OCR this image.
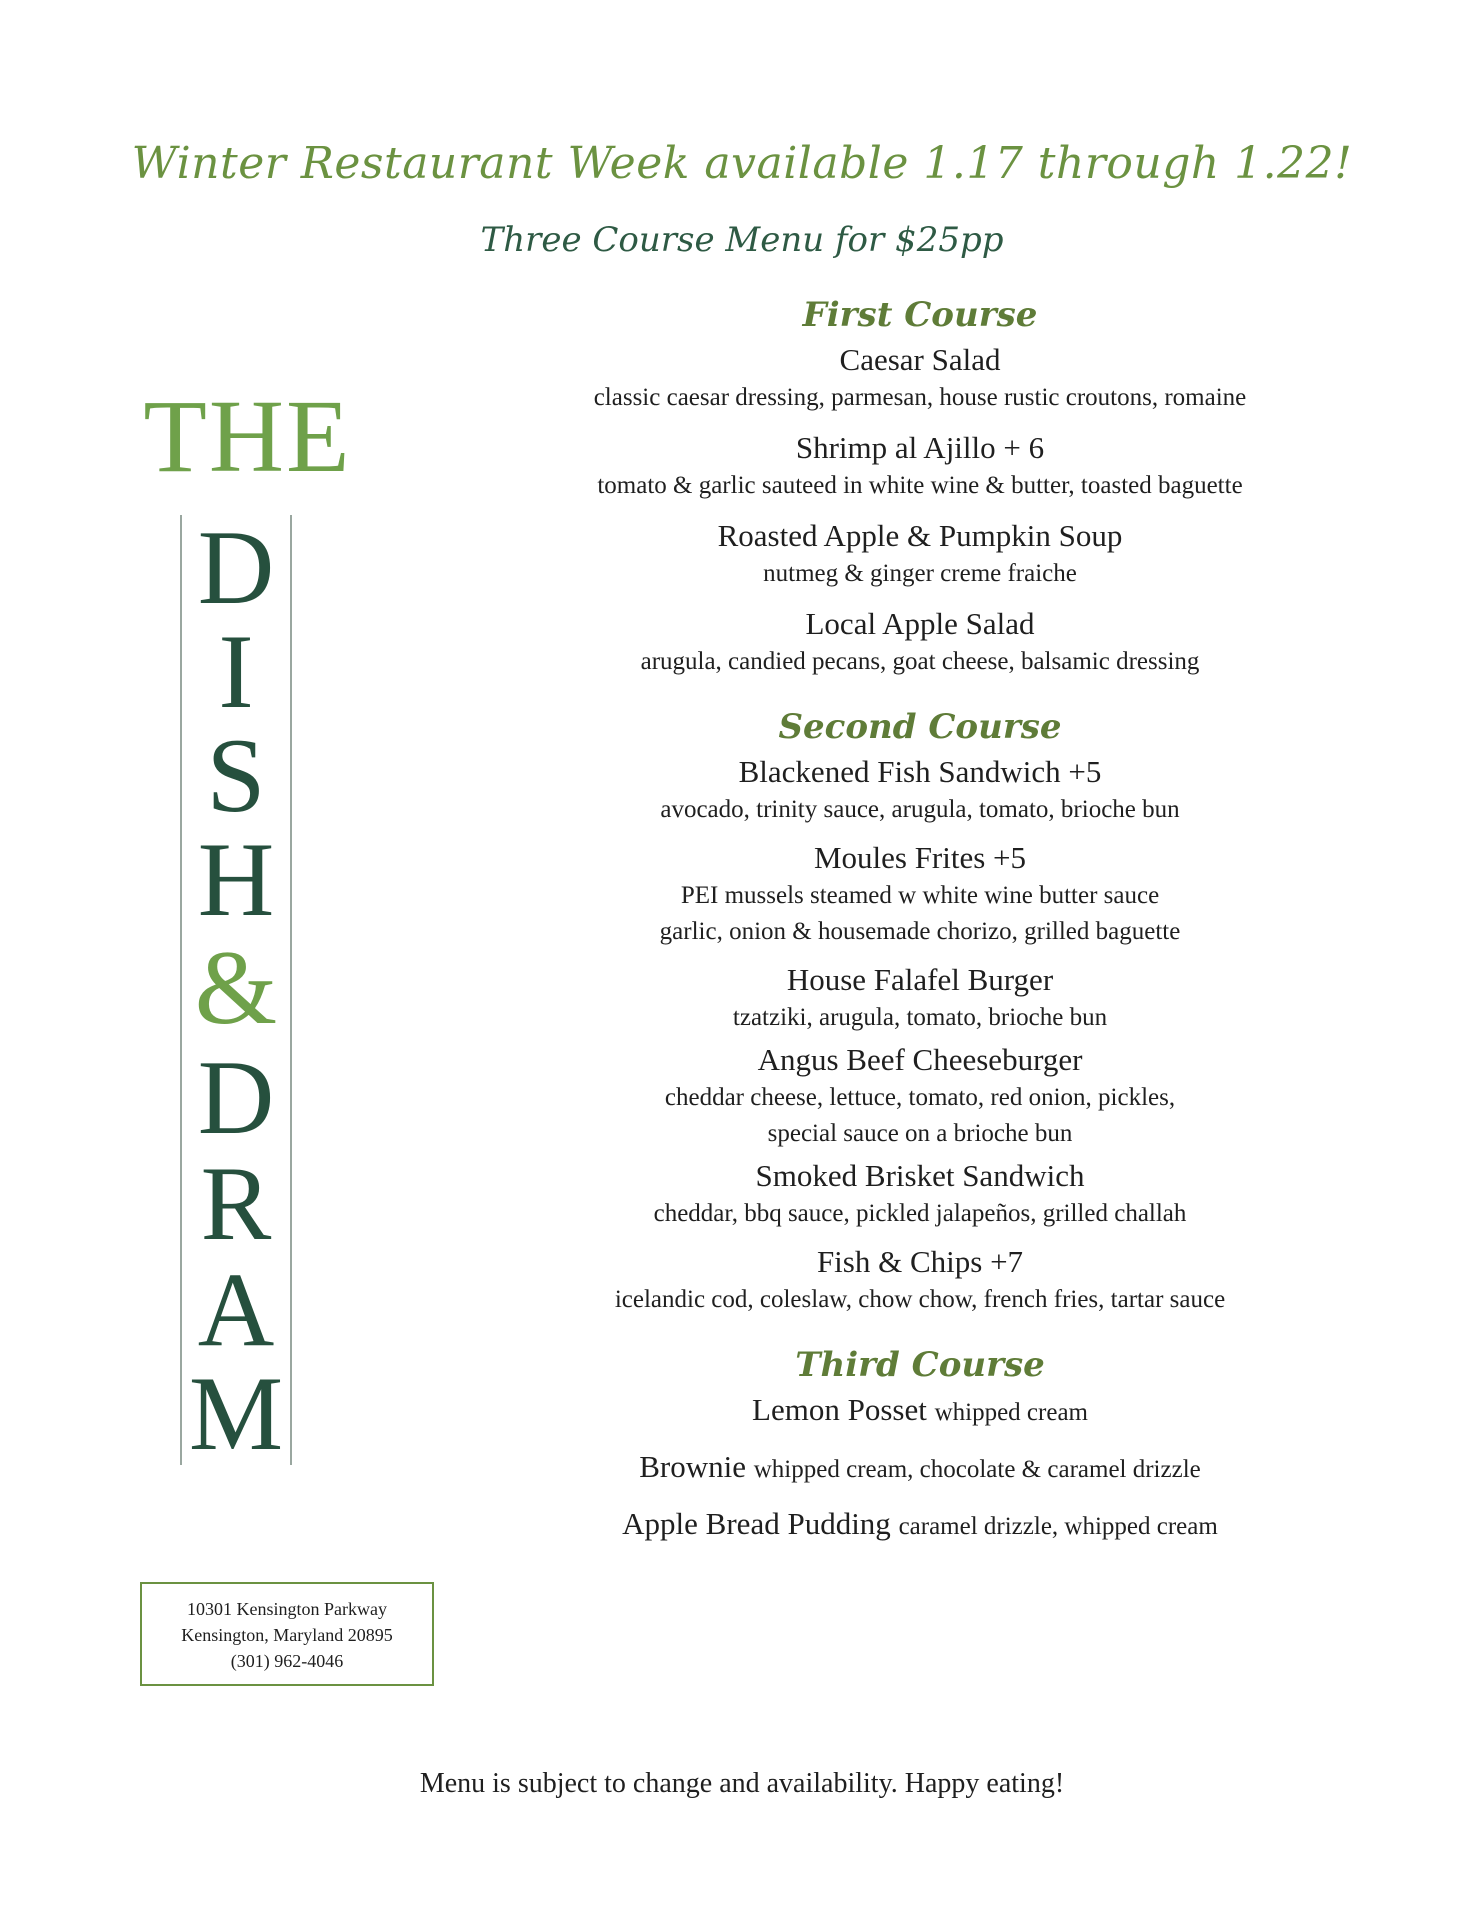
Winter Restaurant Week available 1.17 through 1.22!
Three Course Menu for $25pp
THE
D
I
S
H
&
D
R
A
M
First Course
Caesar Salad
classic caesar dressing, parmesan, house rustic croutons, romaine
Shrimp al Ajillo + 6
tomato & garlic sauteed in white wine & butter, toasted baguette
Roasted Apple & Pumpkin Soup
nutmeg & ginger creme fraiche
Local Apple Salad
arugula, candied pecans, goat cheese, balsamic dressing
Second Course
Blackened Fish Sandwich +5
avocado, trinity sauce, arugula, tomato, brioche bun
Moules Frites +5
PEI mussels steamed w white wine butter sauce
garlic, onion & housemade chorizo, grilled baguette
House Falafel Burger
tzatziki, arugula, tomato, brioche bun
Angus Beef Cheeseburger
cheddar cheese, lettuce, tomato, red onion, pickles,
special sauce on a brioche bun
Smoked Brisket Sandwich
cheddar, bbq sauce, pickled jalapeños, grilled challah
Fish & Chips +7
icelandic cod, coleslaw, chow chow, french fries, tartar sauce
Third Course
Lemon Posset whipped cream
Brownie whipped cream, chocolate & caramel drizzle
Apple Bread Pudding caramel drizzle, whipped cream
10301 Kensington Parkway
Kensington, Maryland 20895
(301) 962-4046
Menu is subject to change and availability. Happy eating!
